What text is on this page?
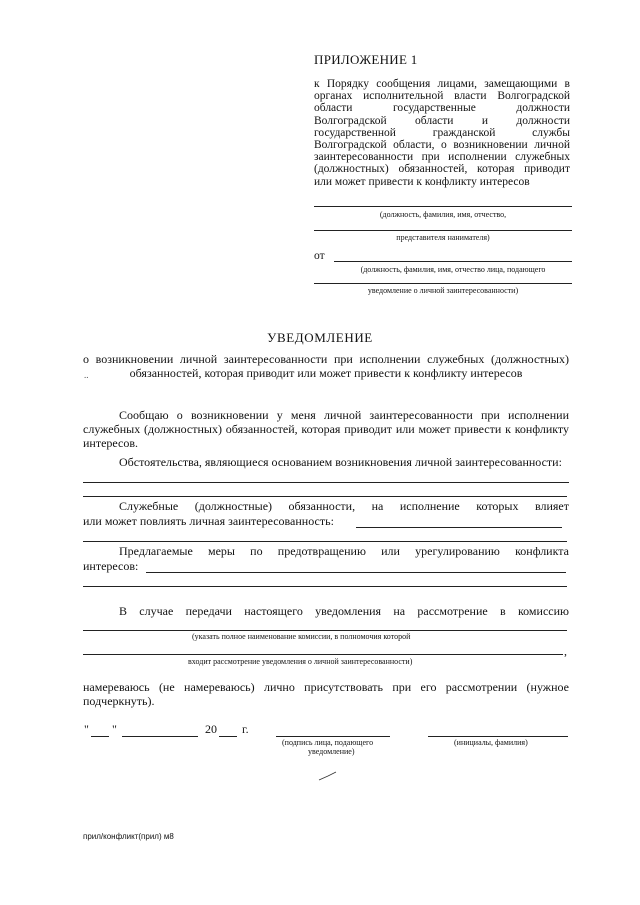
ПРИЛОЖЕНИЕ 1
к Порядку сообщения лицами, замещающими в органах исполнительной власти Волгоградской области государственные должности Волгоградской области и должности государственной гражданской службы Волгоградской области, о возникновении личной заинтересованности при исполнении служебных (должностных) обязанностей, которая приводит или может привести к конфликту интересов
(должность, фамилия, имя, отчество,
представителя нанимателя)
от
(должность, фамилия, имя, отчество лица, подающего
уведомление о личной заинтересованности)
УВЕДОМЛЕНИЕ
о возникновении личной заинтересованности при исполнении служебных (должностных)
обязанностей, которая приводит или может привести к конфликту интересов
..
Сообщаю о возникновении у меня личной заинтересованности при исполнении служебных (должностных) обязанностей, которая приводит или может привести к конфликту интересов.
Обстоятельства, являющиеся основанием возникновения личной заинтересованности:
Служебные (должностные) обязанности, на исполнение которых влияет
или может повлиять личная заинтересованность:
Предлагаемые меры по предотвращению или урегулированию конфликта
интересов:
В случае передачи настоящего уведомления на рассмотрение в комиссию
(указать полное наименование комиссии, в полномочия которой
,
входит рассмотрение уведомления о личной заинтересованности)
намереваюсь (не намереваюсь) лично присутствовать при его рассмотрении (нужное подчеркнуть).
" "	20 г.
(подпись лица, подающего
уведомление)
(инициалы, фамилия)
прил/конфликт(прил) м8
